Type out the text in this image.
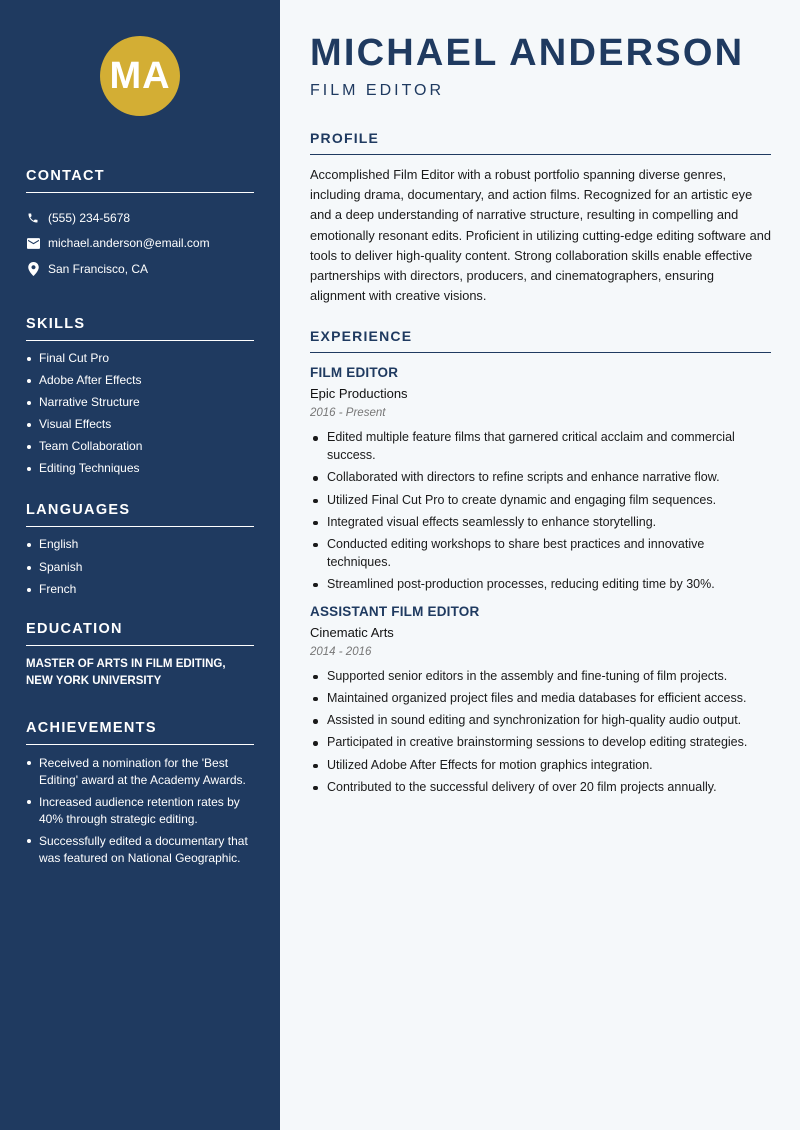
MA
CONTACT
(555) 234-5678
michael.anderson@email.com
San Francisco, CA
SKILLS
Final Cut Pro
Adobe After Effects
Narrative Structure
Visual Effects
Team Collaboration
Editing Techniques
LANGUAGES
English
Spanish
French
EDUCATION
MASTER OF ARTS IN FILM EDITING, NEW YORK UNIVERSITY
ACHIEVEMENTS
Received a nomination for the 'Best Editing' award at the Academy Awards.
Increased audience retention rates by 40% through strategic editing.
Successfully edited a documentary that was featured on National Geographic.
MICHAEL ANDERSON
FILM EDITOR
PROFILE

Accomplished Film Editor with a robust portfolio spanning diverse genres, including drama, documentary, and action films. Recognized for an artistic eye and a deep understanding of narrative structure, resulting in compelling and emotionally resonant edits. Proficient in utilizing cutting-edge editing software and tools to deliver high-quality content. Strong collaboration skills enable effective partnerships with directors, producers, and cinematographers, ensuring alignment with creative visions.

EXPERIENCE
FILM EDITOR
Epic Productions
2016 - Present
Edited multiple feature films that garnered critical acclaim and commercial success.
Collaborated with directors to refine scripts and enhance narrative flow.
Utilized Final Cut Pro to create dynamic and engaging film sequences.
Integrated visual effects seamlessly to enhance storytelling.
Conducted editing workshops to share best practices and innovative techniques.
Streamlined post-production processes, reducing editing time by 30%.
ASSISTANT FILM EDITOR
Cinematic Arts
2014 - 2016
Supported senior editors in the assembly and fine-tuning of film projects.
Maintained organized project files and media databases for efficient access.
Assisted in sound editing and synchronization for high-quality audio output.
Participated in creative brainstorming sessions to develop editing strategies.
Utilized Adobe After Effects for motion graphics integration.
Contributed to the successful delivery of over 20 film projects annually.
